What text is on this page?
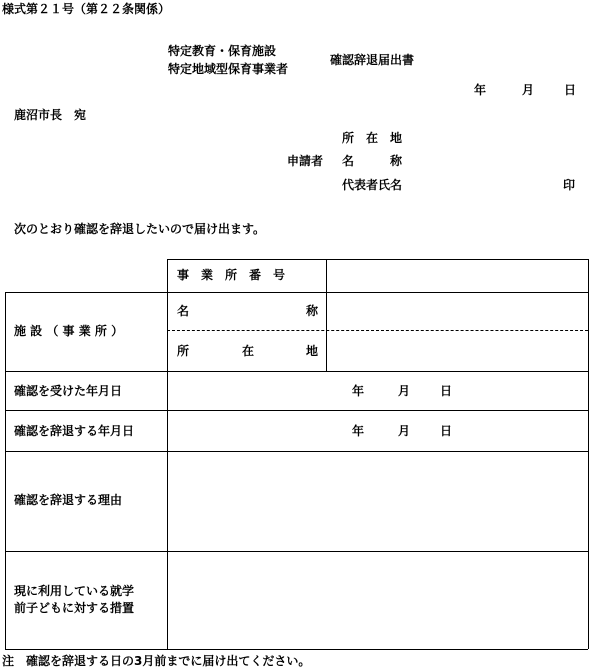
様式第２１号（第２２条関係）
特定教育・保育施設
特定地域型保育事業者
確認辞退届出書
年	月 日
鹿沼市長　宛
所　在　地
申請者 名　　　称
代表者氏名	印
次のとおり確認を辞退したいので届け出ます。
事　業　所　番　号
施 設 （ 事 業 所 ）
名	称
所	在	地
確認を受けた年月日	年	月 日
確認を辞退する年月日	年	月 日
確認を辞退する理由
現に利用している就学
前子どもに対する措置
注　確認を辞退する日の3月前までに届け出てください。
